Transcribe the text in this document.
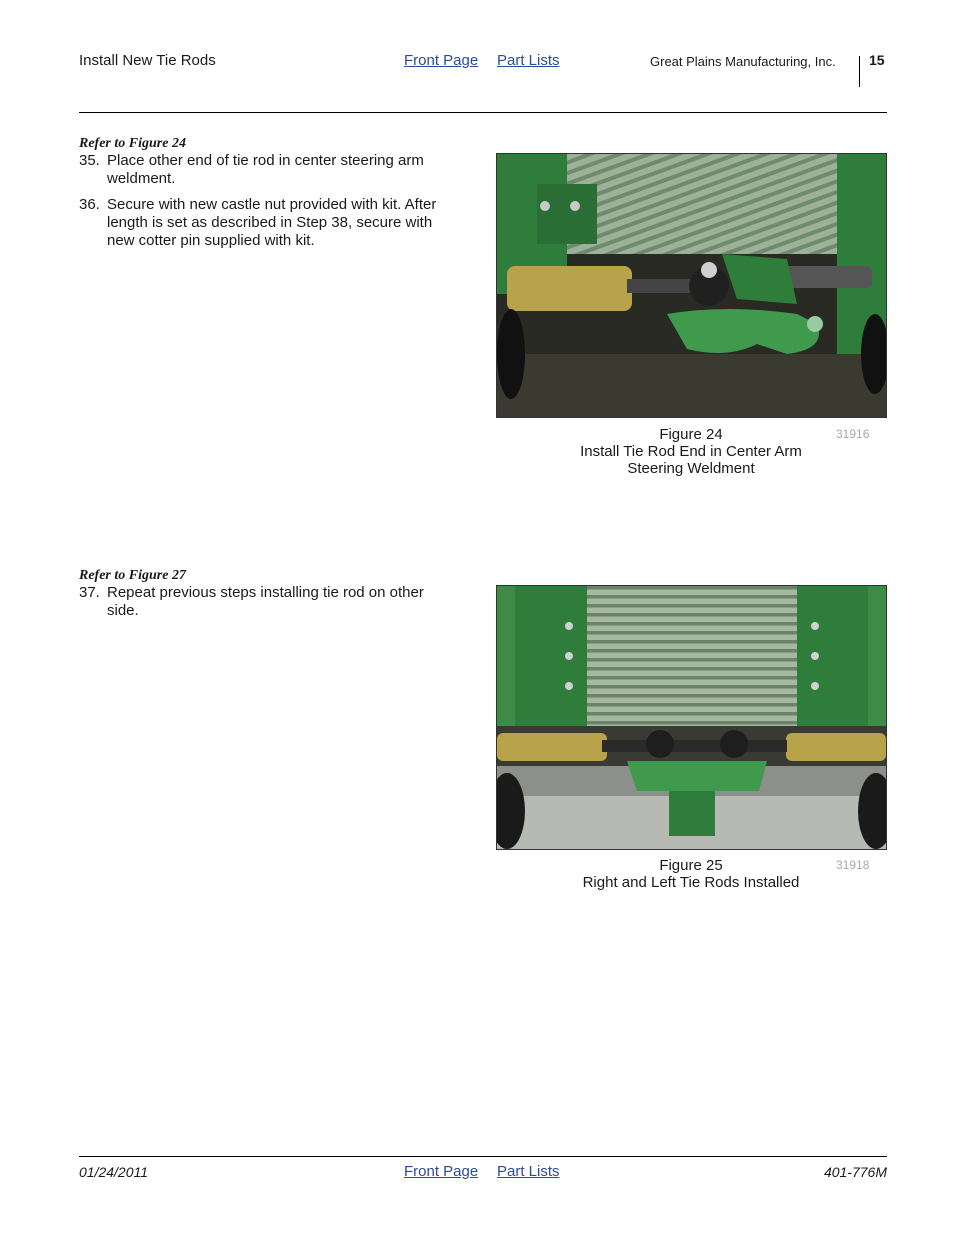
Install New Tie Rods	Front Page Part Lists	Great Plains Manufacturing, Inc. 15
Refer to Figure 24
35. Place other end of tie rod in center steering arm weldment.
36. Secure with new castle nut provided with kit. After length is set as described in Step 38, secure with new cotter pin supplied with kit.
Figure 24
Install Tie Rod End in Center Arm
Steering Weldment
31916
Refer to Figure 27
37. Repeat previous steps installing tie rod on other side.
Figure 25
Right and Left Tie Rods Installed
31918
01/24/2011	Front Page Part Lists	401-776M
